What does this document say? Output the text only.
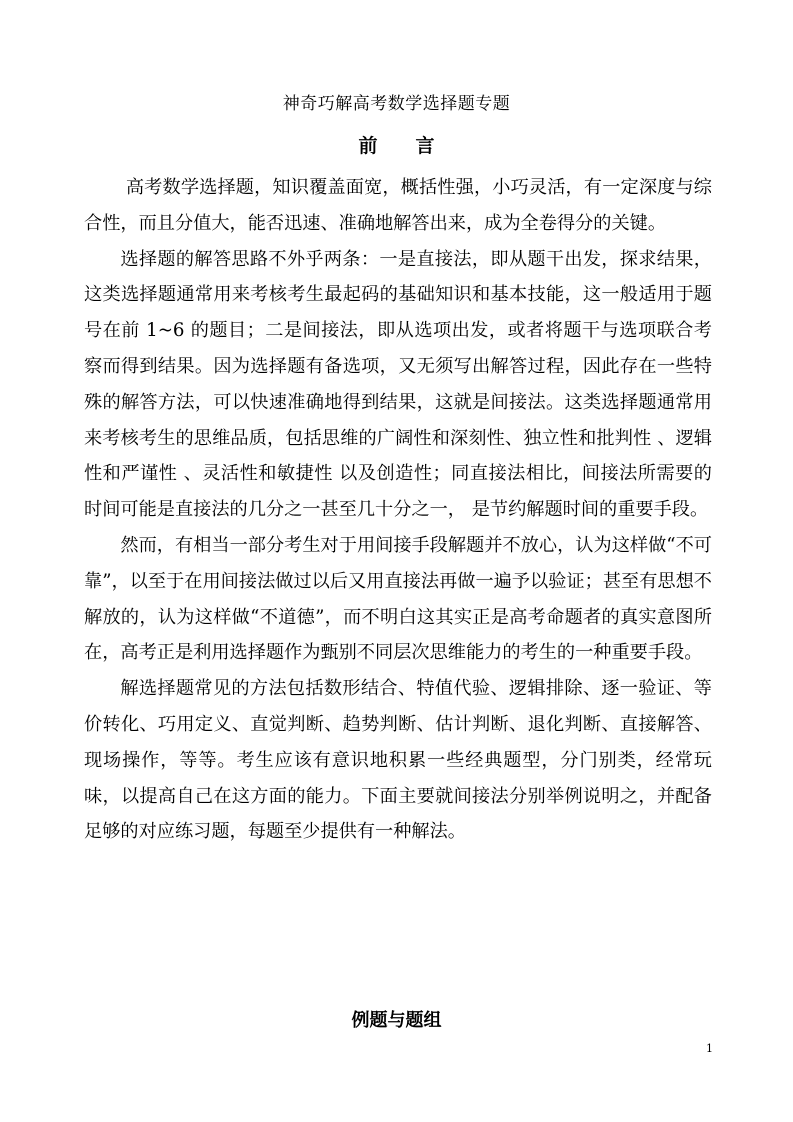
神奇巧解高考数学选择题专题
前言

高考数学选择题，知识覆盖面宽，概括性强，小巧灵活，有一定深度与综合性，而且分值大，能否迅速、准确地解答出来，成为全卷得分的关键。

选择题的解答思路不外乎两条：一是直接法，即从题干出发，探求结果，这类选择题通常用来考核考生最起码的基础知识和基本技能，这一般适用于题号在前 1~6 的题目；二是间接法，即从选项出发，或者将题干与选项联合考察而得到结果。因为选择题有备选项，又无须写出解答过程，因此存在一些特殊的解答方法，可以快速准确地得到结果，这就是间接法。这类选择题通常用来考核考生的思维品质，包括思维的广阔性和深刻性、独立性和批判性 、逻辑性和严谨性 、灵活性和敏捷性 以及创造性；同直接法相比，间接法所需要的时间可能是直接法的几分之一甚至几十分之一， 是节约解题时间的重要手段。

然而，有相当一部分考生对于用间接手段解题并不放心，认为这样做“不可靠”，以至于在用间接法做过以后又用直接法再做一遍予以验证；甚至有思想不解放的，认为这样做“不道德”，而不明白这其实正是高考命题者的真实意图所在，高考正是利用选择题作为甄别不同层次思维能力的考生的一种重要手段。

解选择题常见的方法包括数形结合、特值代验、逻辑排除、逐一验证、等价转化、巧用定义、直觉判断、趋势判断、估计判断、退化判断、直接解答、现场操作，等等。考生应该有意识地积累一些经典题型，分门别类，经常玩味，以提高自己在这方面的能力。下面主要就间接法分别举例说明之，并配备足够的对应练习题，每题至少提供有一种解法。

例题与题组
1
